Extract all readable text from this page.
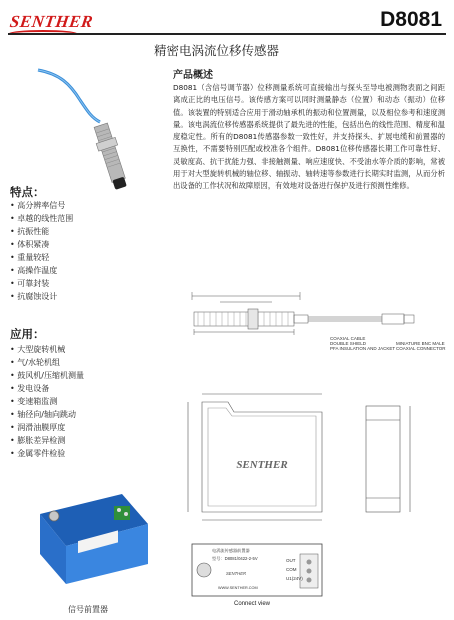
SENTHER	D8081
精密电涡流位移传感器
特点：
• 高分辨率信号
• 卓越的线性范围
• 抗振性能
• 体积紧凑
• 重量较轻
• 高操作温度
• 可靠封装
• 抗腐蚀设计
应用：
• 大型旋转机械
• 气/水轮机组
• 鼓风机/压缩机测量
• 发电设备
• 变速箱监测
• 轴径向/轴向跳动
• 润滑油膜厚度
• 膨胀差异检测
• 金属零件检验
信号前置器
产品概述
D8081（含信号调节器）位移测量系统可直接输出与探头至导电被测物表面之间距离成正比的电压信号。该传感方案可以同时测量静态（位置）和动态（振动）位移值。该装置的特别适合应用于滑动轴承机的振动和位置测量，以及相位参考和速度测量。该电涡流位移传感器系统提供了最先进的性能，包括出色的线性范围、精度和温度稳定性。所有的D8081传感器参数一致性好，并支持探头、扩展电缆和前置器的互换性，不需要特别匹配或校准各个组件。D8081位移传感器长期工作可靠性好、灵敏度高、抗干扰能力强、非接触测量、响应速度快、不受油水等介质的影响，常被用于对大型旋转机械的轴位移、轴振动、轴转速等参数进行长期实时监测，从而分析出设备的工作状况和故障原因，有效地对设备进行保护及进行预测性维修。
COAXIAL CABLE
DOUBLE SHIELD
PFA INSULATION AND JACKET
MINIATURE BNC MALE
COAXIAL CONNECTOR
SENTHER
电涡流传感器前置器
型号：D8081/0422-2-5V
SENTHER
WWW.SENTHER.COM
OUT
COM
U1(24V)
Connect view
